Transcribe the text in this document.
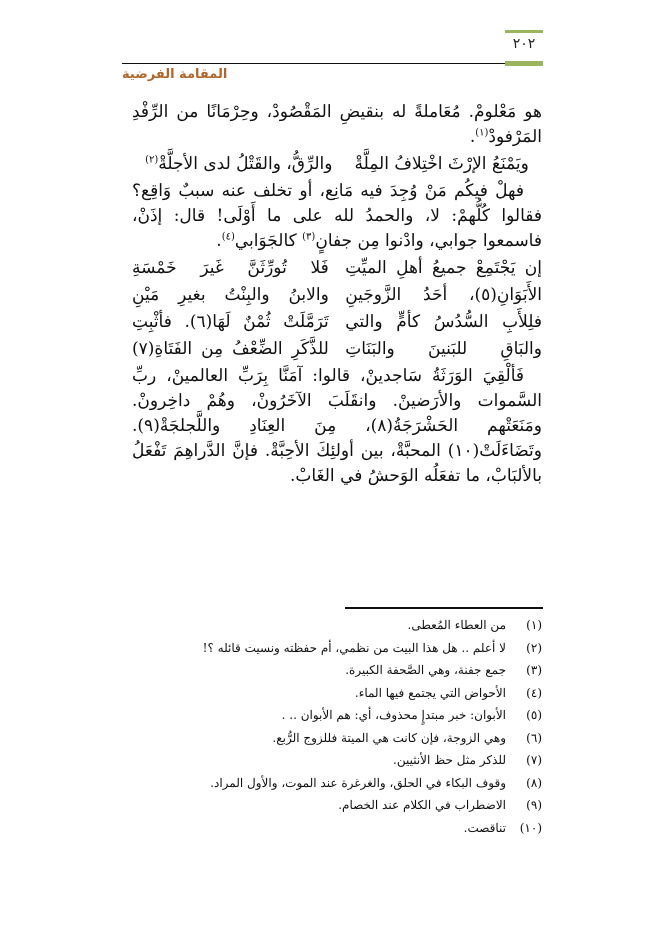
٢٠٢
المقامة الفرضية

هو مَعْلومْ. مُعَاملةً له بنقيضِ المَقْصُودْ، وحِرْمَانًا من الرِّفْدِ المَرْفودْ$^{(١)}$.

ويَمْنَعُ الإرْثَ اخْتِلافُ المِلَّةْ
والرِّقُّ، والقَتْلُ لدى الأجلَّةْ$^{(٢)}$

فهلْ فيكُم مَنْ وُجِدَ فيه مَانِع، أو تخلف عنه سببٌ وَاقِع؟ فقالوا كُلُّهمْ: لا، والحمدُ لله على ما أَوْلَى! قال: إذَنْ، فاسمعوا جوابي، وادْنوا مِن جفانٍ$^{(٣)}$ كالجَوَابي$^{(٤)}$.

إن يَجْتَمِعْ جميعُ أهلِ الميِّتِ
فَلا تُورِّثَنَّ غَيرَ خَمْسَةِ
الأَبَوَانِ(٥)، أحَدُ الزَّوجَينِ
والابنُ والبِنْتُ بغيرِ مَيْنِ
فلِلأَبِ السُّدُسُ كأمٍّ والتي
تَرَمَّلَتْ ثُمْنٌ لَهَا(٦). فأثْبِتِ
والبَاقِ للبَنينَ والبَنَاتِ
للذَّكَرِ الضِّعْفُ مِن الفَتَاةِ(٧)

فَألْقِيَ الوَرَثَةُ سَاجدينْ، قالوا: آمَنَّا بِرَبِّ العالمينْ، ربِّ السَّموات والأرَضينْ. وانقَلَبَ الآخَرُونْ، وهُمْ داخِرونْ. ومَنَعَتْهم الحَشْرَجَةُ(٨)، مِنَ العِنَادِ واللَّجلجَةْ(٩). وتَضَاءَلَتْ(١٠) المحبَّةْ، بين أولئِكَ الأحِبَّةْ. فإنَّ الدَّراهِمَ تَفْعَلُ بالألبَابْ، ما تفعَلُه الوَحشُ في الغَابْ.

(١)
من العطاء المُعطى.
(٢)
لا أعلم .. هل هذا البيت من نظمي، أم حفظته ونسيت قائله ؟!
(٣)
جمع جفنة، وهي الصَّحفة الكبيرة.
(٤)
الأحواض التي يجتمع فيها الماء.
(٥)
الأبوان: خبر مبتدإٍ محذوف، أي: هم الأبوان .. .
(٦)
وهي الزوجة، فإن كانت هي الميتة فللزوج الرُّبع.
(٧)
للذكر مثل حظ الأنثيين.
(٨)
وقوف البكاء في الحلق، والغرغرة عند الموت، والأول المراد.
(٩)
الاضطراب في الكلام عند الخصام.
(١٠)
تناقصت.
